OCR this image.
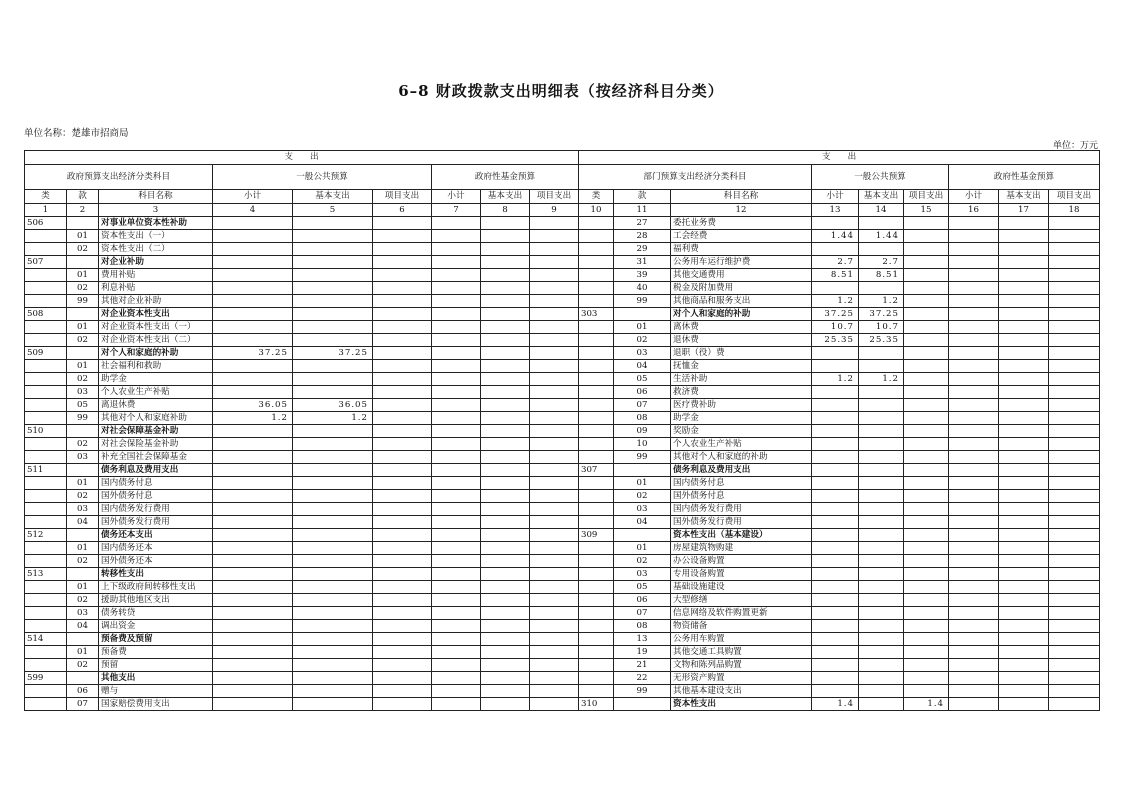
6–8 财政拨款支出明细表（按经济科目分类）
单位名称：楚雄市招商局
单位：万元
支　　出								
政府预算支出经济分类科目			一般公共预算			政府性基金预算		
类	款	科目名称	小计	基本支出	项目支出	小计	基本支出	项目支出
1	2	3	4	5	6	7	8	9
506		对事业单位资本性补助						
	01	资本性支出（一）						
	02	资本性支出（二）						
507		对企业补助						
	01	费用补贴						
	02	利息补贴						
	99	其他对企业补助						
508		对企业资本性支出						
	01	对企业资本性支出（一）						
	02	对企业资本性支出（二）						
509		对个人和家庭的补助	37.25	37.25				
	01	社会福利和救助						
	02	助学金						
	03	个人农业生产补贴						
	05	离退休费	36.05	36.05				
	99	其他对个人和家庭补助	1.2	1.2				
510		对社会保障基金补助						
	02	对社会保险基金补助						
	03	补充全国社会保障基金						
511		债务利息及费用支出						
	01	国内债务付息						
	02	国外债务付息						
	03	国内债务发行费用						
	04	国外债务发行费用						
512		债务还本支出						
	01	国内债务还本						
	02	国外债务还本						
513		转移性支出						
	01	上下级政府间转移性支出						
	02	援助其他地区支出						
	03	债务转贷						
	04	调出资金						
514		预备费及预留						
	01	预备费						
	02	预留						
599		其他支出						
	06	赠与						
	07	国家赔偿费用支出						
支　　出								
部门预算支出经济分类科目			一般公共预算			政府性基金预算		
类	款	科目名称	小计	基本支出	项目支出	小计	基本支出	项目支出
10	11	12	13	14	15	16	17	18
	27	委托业务费						
	28	工会经费	1.44	1.44				
	29	福利费						
	31	公务用车运行维护费	2.7	2.7				
	39	其他交通费用	8.51	8.51				
	40	税金及附加费用						
	99	其他商品和服务支出	1.2	1.2				
303		对个人和家庭的补助	37.25	37.25				
	01	离休费	10.7	10.7				
	02	退休费	25.35	25.35				
	03	退职（役）费						
	04	抚恤金						
	05	生活补助	1.2	1.2				
	06	救济费						
	07	医疗费补助						
	08	助学金						
	09	奖励金						
	10	个人农业生产补贴						
	99	其他对个人和家庭的补助						
307		债务利息及费用支出						
	01	国内债务付息						
	02	国外债务付息						
	03	国内债务发行费用						
	04	国外债务发行费用						
309		资本性支出（基本建设）						
	01	房屋建筑物购建						
	02	办公设备购置						
	03	专用设备购置						
	05	基础设施建设						
	06	大型修缮						
	07	信息网络及软件购置更新						
	08	物资储备						
	13	公务用车购置						
	19	其他交通工具购置						
	21	文物和陈列品购置						
	22	无形资产购置						
	99	其他基本建设支出						
310		资本性支出	1.4		1.4			
